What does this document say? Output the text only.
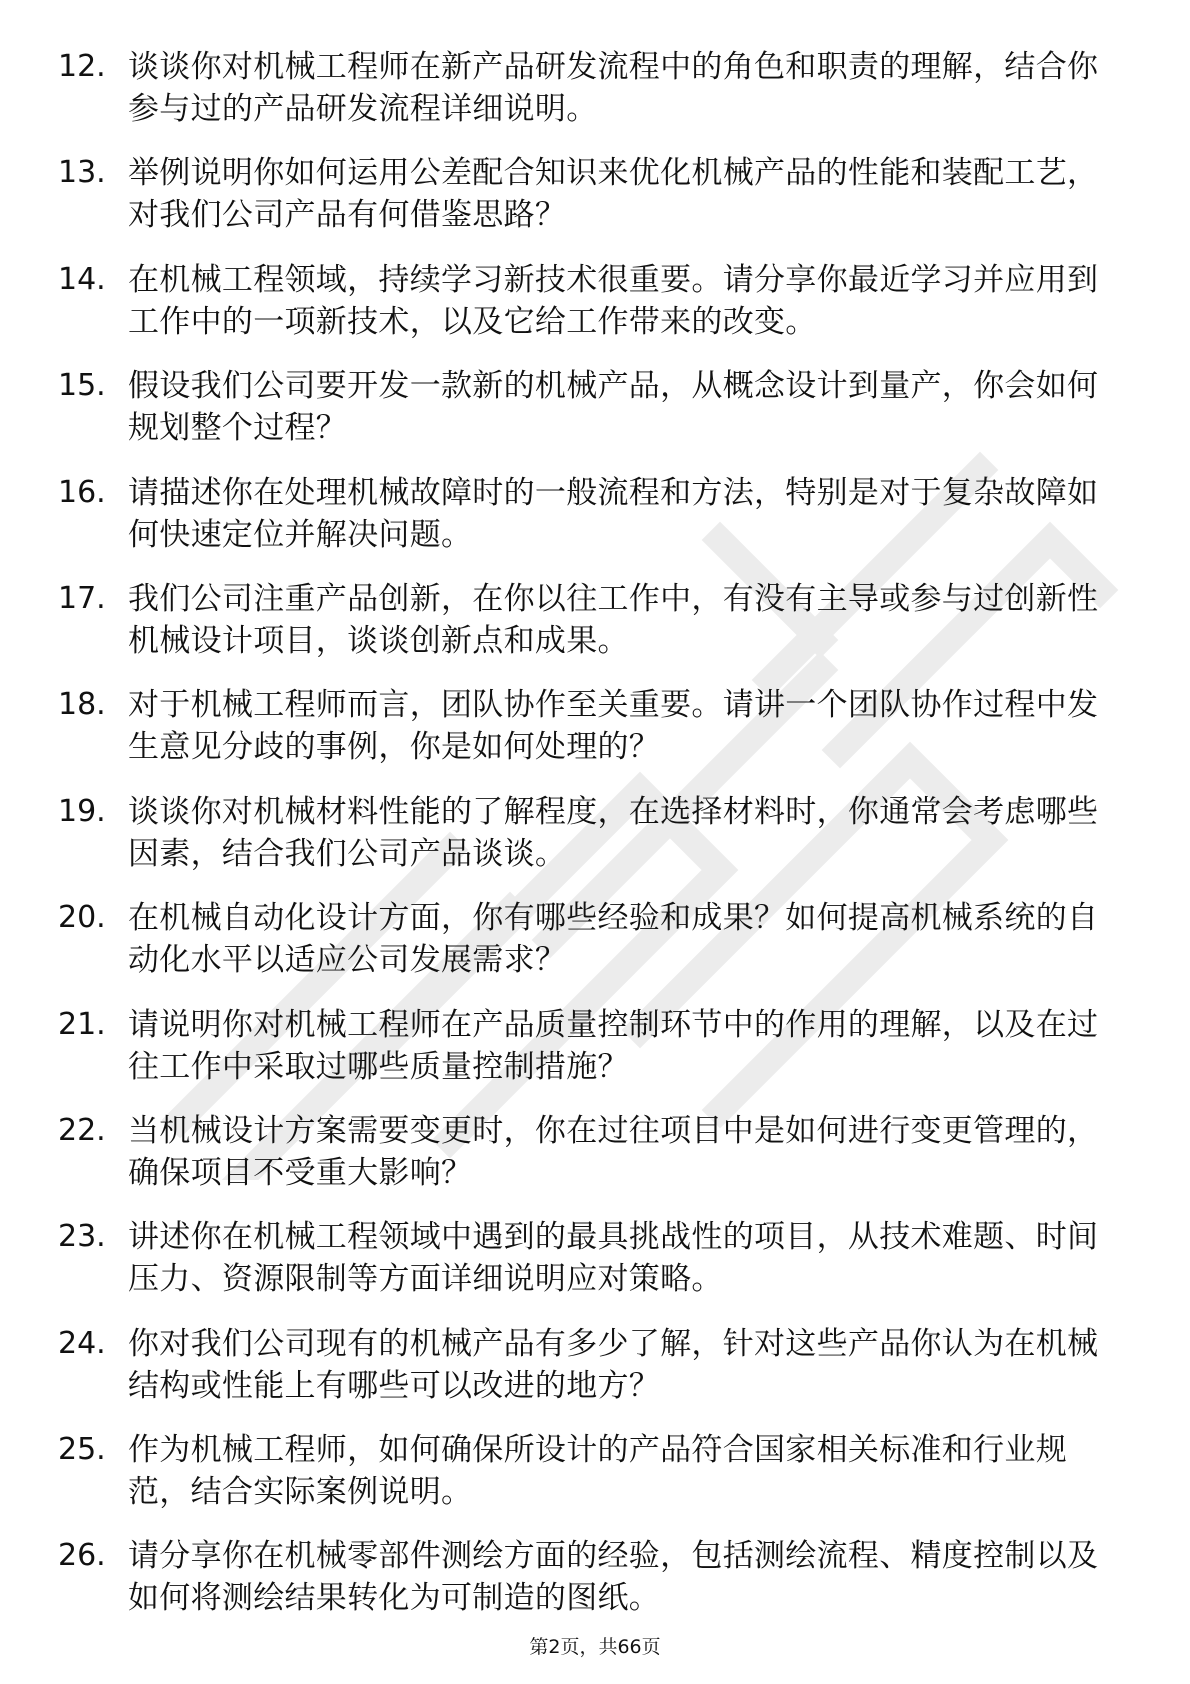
12. 谈谈你对机械工程师在新产品研发流程中的角色和职责的理解，结合你参与过的产品研发流程详细说明。
13. 举例说明你如何运用公差配合知识来优化机械产品的性能和装配工艺，对我们公司产品有何借鉴思路？
14. 在机械工程领域，持续学习新技术很重要。请分享你最近学习并应用到工作中的一项新技术，以及它给工作带来的改变。
15. 假设我们公司要开发一款新的机械产品，从概念设计到量产，你会如何规划整个过程？
16. 请描述你在处理机械故障时的一般流程和方法，特别是对于复杂故障如何快速定位并解决问题。
17. 我们公司注重产品创新，在你以往工作中，有没有主导或参与过创新性机械设计项目，谈谈创新点和成果。
18. 对于机械工程师而言，团队协作至关重要。请讲一个团队协作过程中发生意见分歧的事例，你是如何处理的？
19. 谈谈你对机械材料性能的了解程度，在选择材料时，你通常会考虑哪些因素，结合我们公司产品谈谈。
20. 在机械自动化设计方面，你有哪些经验和成果？如何提高机械系统的自动化水平以适应公司发展需求？
21. 请说明你对机械工程师在产品质量控制环节中的作用的理解，以及在过往工作中采取过哪些质量控制措施？
22. 当机械设计方案需要变更时，你在过往项目中是如何进行变更管理的，确保项目不受重大影响？
23. 讲述你在机械工程领域中遇到的最具挑战性的项目，从技术难题、时间压力、资源限制等方面详细说明应对策略。
24. 你对我们公司现有的机械产品有多少了解，针对这些产品你认为在机械结构或性能上有哪些可以改进的地方？
25. 作为机械工程师，如何确保所设计的产品符合国家相关标准和行业规范，结合实际案例说明。
26. 请分享你在机械零部件测绘方面的经验，包括测绘流程、精度控制以及如何将测绘结果转化为可制造的图纸。
第2页，共66页
